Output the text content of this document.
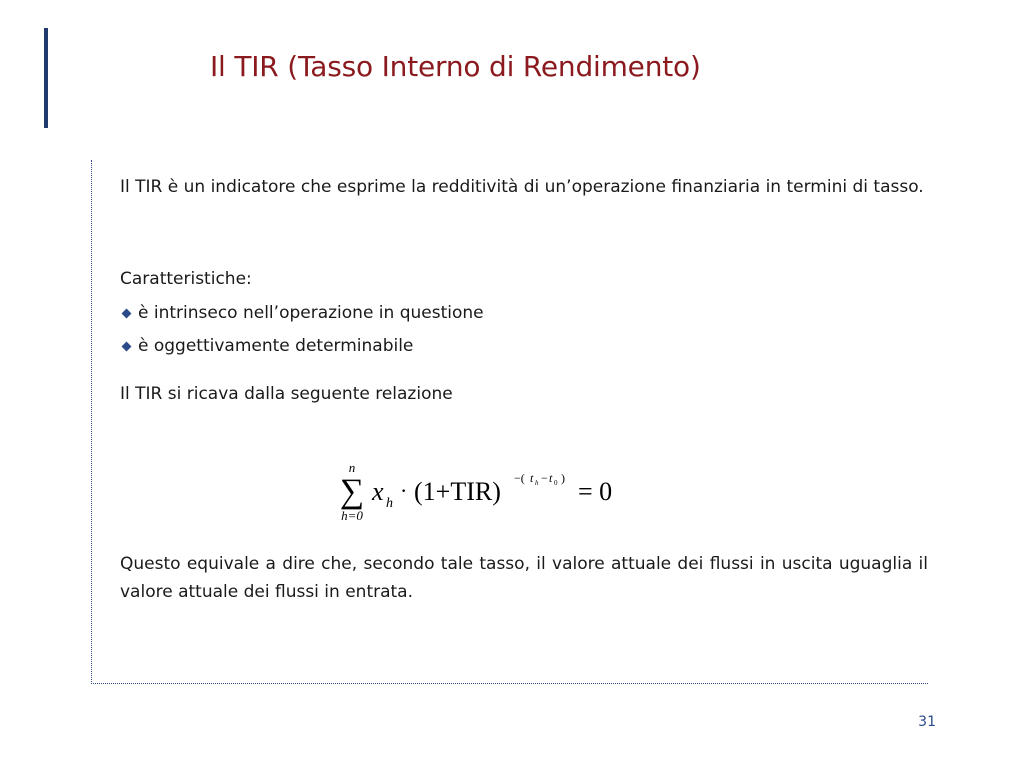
Il TIR (Tasso Interno di Rendimento)

Il TIR è un indicatore che esprime la redditività di un’operazione finanziaria in termini di tasso.

Caratteristiche:

è intrinseco nell’operazione in questione
è oggettivamente determinabile

Il TIR si ricava dalla seguente relazione

n
∑
h=0
x h
· (1+TIR) −( t h − t 0 ) = 0

Questo equivale a dire che, secondo tale tasso, il valore attuale dei flussi in uscita uguaglia il valore attuale dei flussi in entrata.

31
